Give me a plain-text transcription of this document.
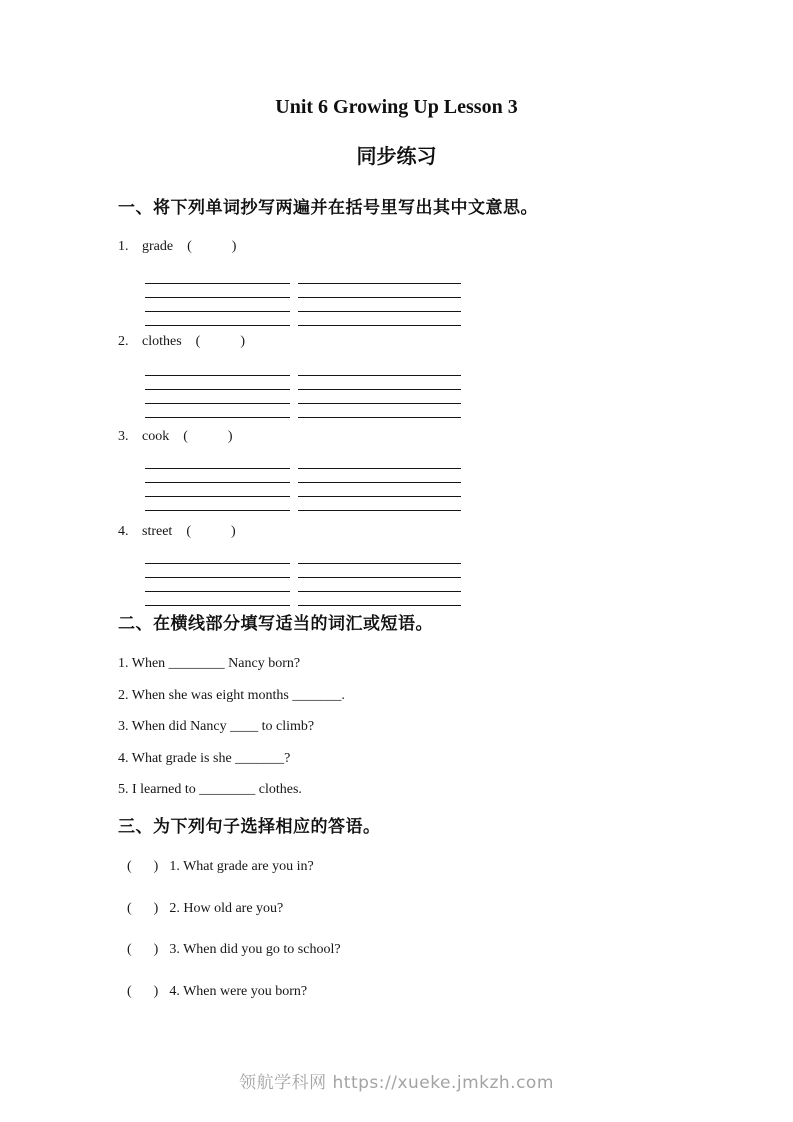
Unit 6 Growing Up Lesson 3
同步练习
一、将下列单词抄写两遍并在括号里写出其中文意思。
1. grade (	)
2. clothes (	)
3. cook (	)
4. street (	)
二、在横线部分填写适当的词汇或短语。
1. When ________ Nancy born?
2. When she was eight months _______.
3. When did Nancy ____ to climb?
4. What grade is she _______?
5. I learned to ________ clothes.
三、为下列句子选择相应的答语。
( ) 1. What grade are you in?
( ) 2. How old are you?
( ) 3. When did you go to school?
( ) 4. When were you born?
领航学科网 https://xueke.jmkzh.com
